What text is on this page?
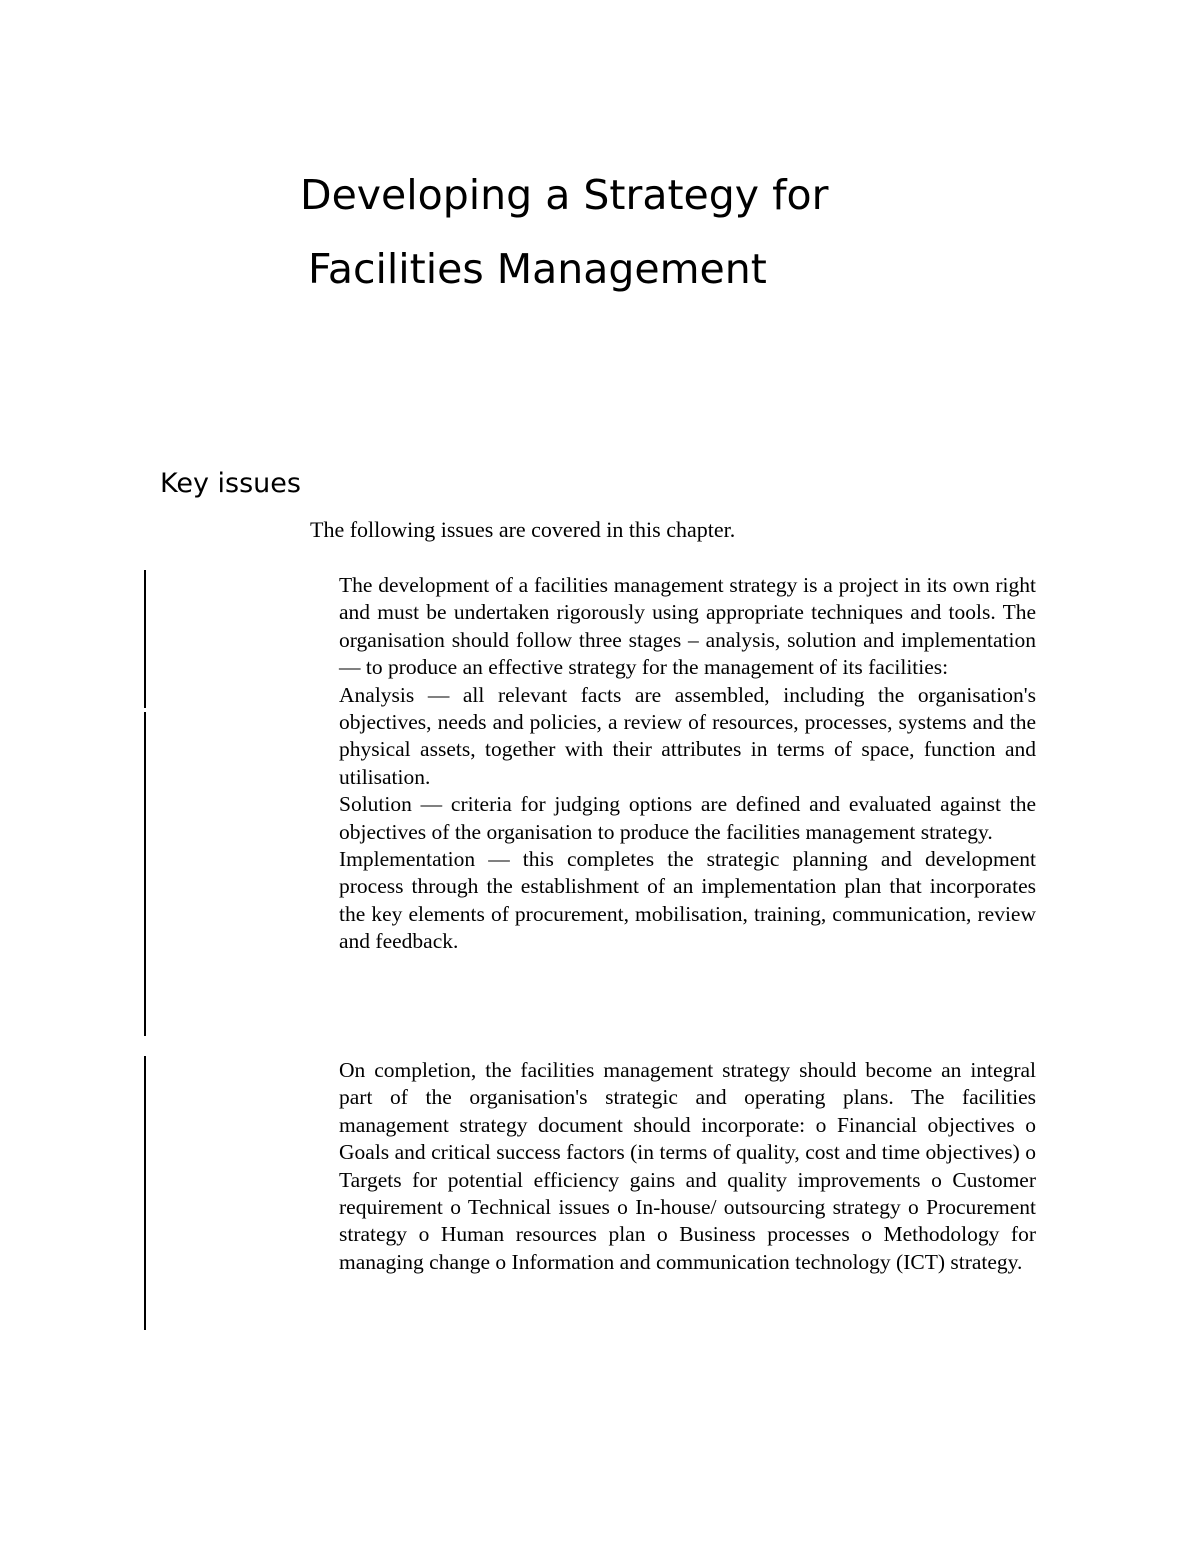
Developing a Strategy for
Facilities Management
Key issues

The following issues are covered in this chapter.

The development of a facilities management strategy is a project in its own right and must be undertaken rigorously using appropriate techniques and tools. The organisation should follow three stages – analysis, solution and implementation — to produce an effective strategy for the management of its facilities:
Analysis — all relevant facts are assembled, including the organisation's objectives, needs and policies, a review of resources, processes, systems and the physical assets, together with their attributes in terms of space, function and utilisation.
Solution — criteria for judging options are defined and evaluated against the objectives of the organisation to produce the facilities management strategy.
Implementation — this completes the strategic planning and development process through the establishment of an implementation plan that incorporates the key elements of procurement, mobilisation, training, communication, review and feedback.

On completion, the facilities management strategy should become an integral part of the organisation's strategic and operating plans. The facilities management strategy document should incorporate: o Financial objectives o Goals and critical success factors (in terms of quality, cost and time objectives) o Targets for potential efficiency gains and quality improvements o Customer requirement o Technical issues o In-house/ outsourcing strategy o Procurement strategy o Human resources plan o Business processes o Methodology for managing change o Information and communication technology (ICT) strategy.
